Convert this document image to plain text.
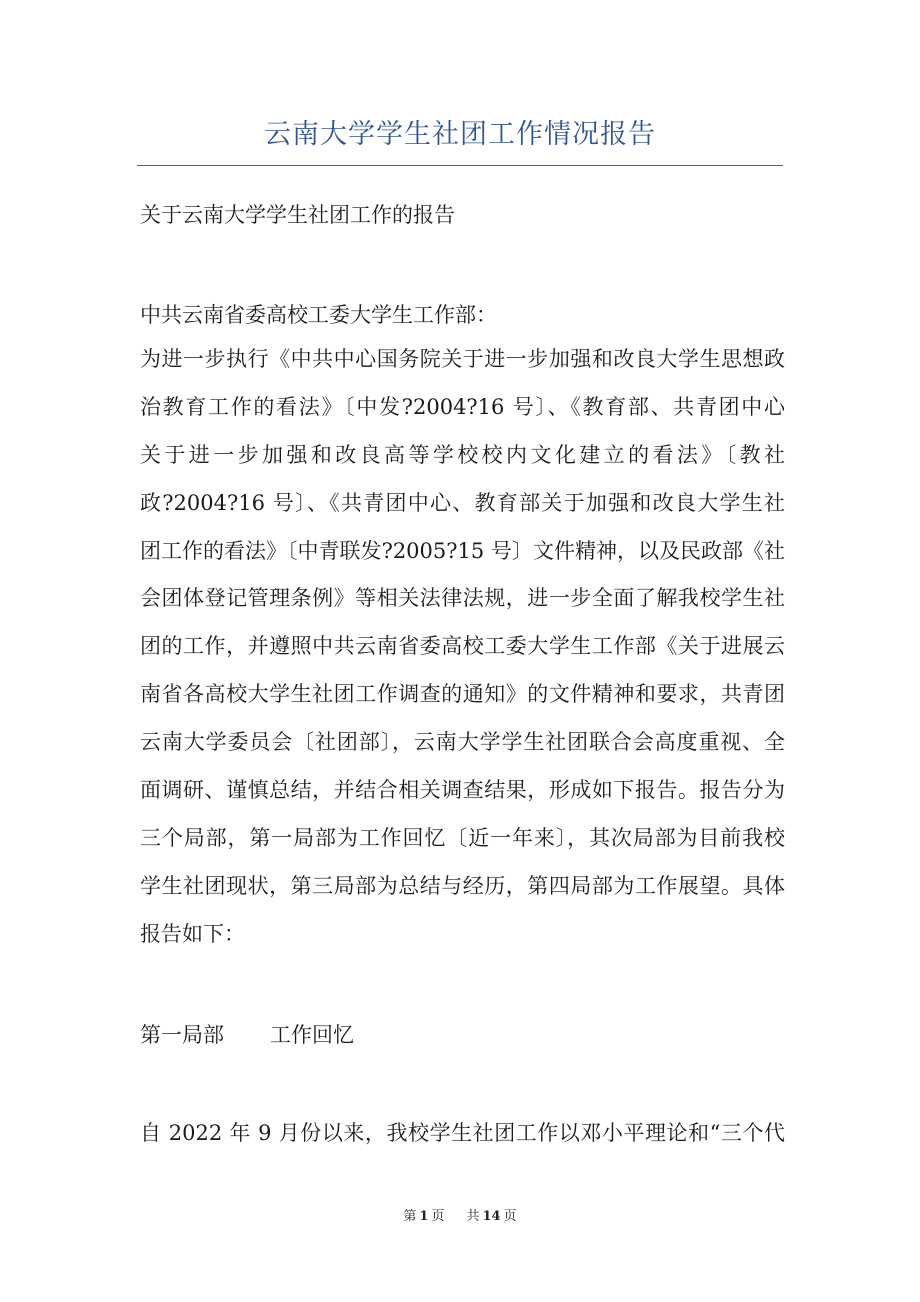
云南大学学生社团工作情况报告
关于云南大学学生社团工作的报告
中共云南省委高校工委大学生工作部：
为进一步执行《中共中心国务院关于进一步加强和改良大学生思想政
治教育工作的看法》〔中发?2004?16 号〕、《教育部、共青团中心
关于进一步加强和改良高等学校校内文化建立的看法》〔教社
政?2004?16 号〕、《共青团中心、教育部关于加强和改良大学生社
团工作的看法》〔中青联发?2005?15 号〕文件精神，以及民政部《社
会团体登记管理条例》等相关法律法规，进一步全面了解我校学生社
团的工作，并遵照中共云南省委高校工委大学生工作部《关于进展云
南省各高校大学生社团工作调查的通知》的文件精神和要求，共青团
云南大学委员会〔社团部〕，云南大学学生社团联合会高度重视、全
面调研、谨慎总结，并结合相关调查结果，形成如下报告。报告分为
三个局部，第一局部为工作回忆〔近一年来〕，其次局部为目前我校
学生社团现状，第三局部为总结与经历，第四局部为工作展望。具体
报告如下：
第一局部 工作回忆
自 2022 年 9 月份以来，我校学生社团工作以邓小平理论和“三个代
第 1 页 共 14 页
